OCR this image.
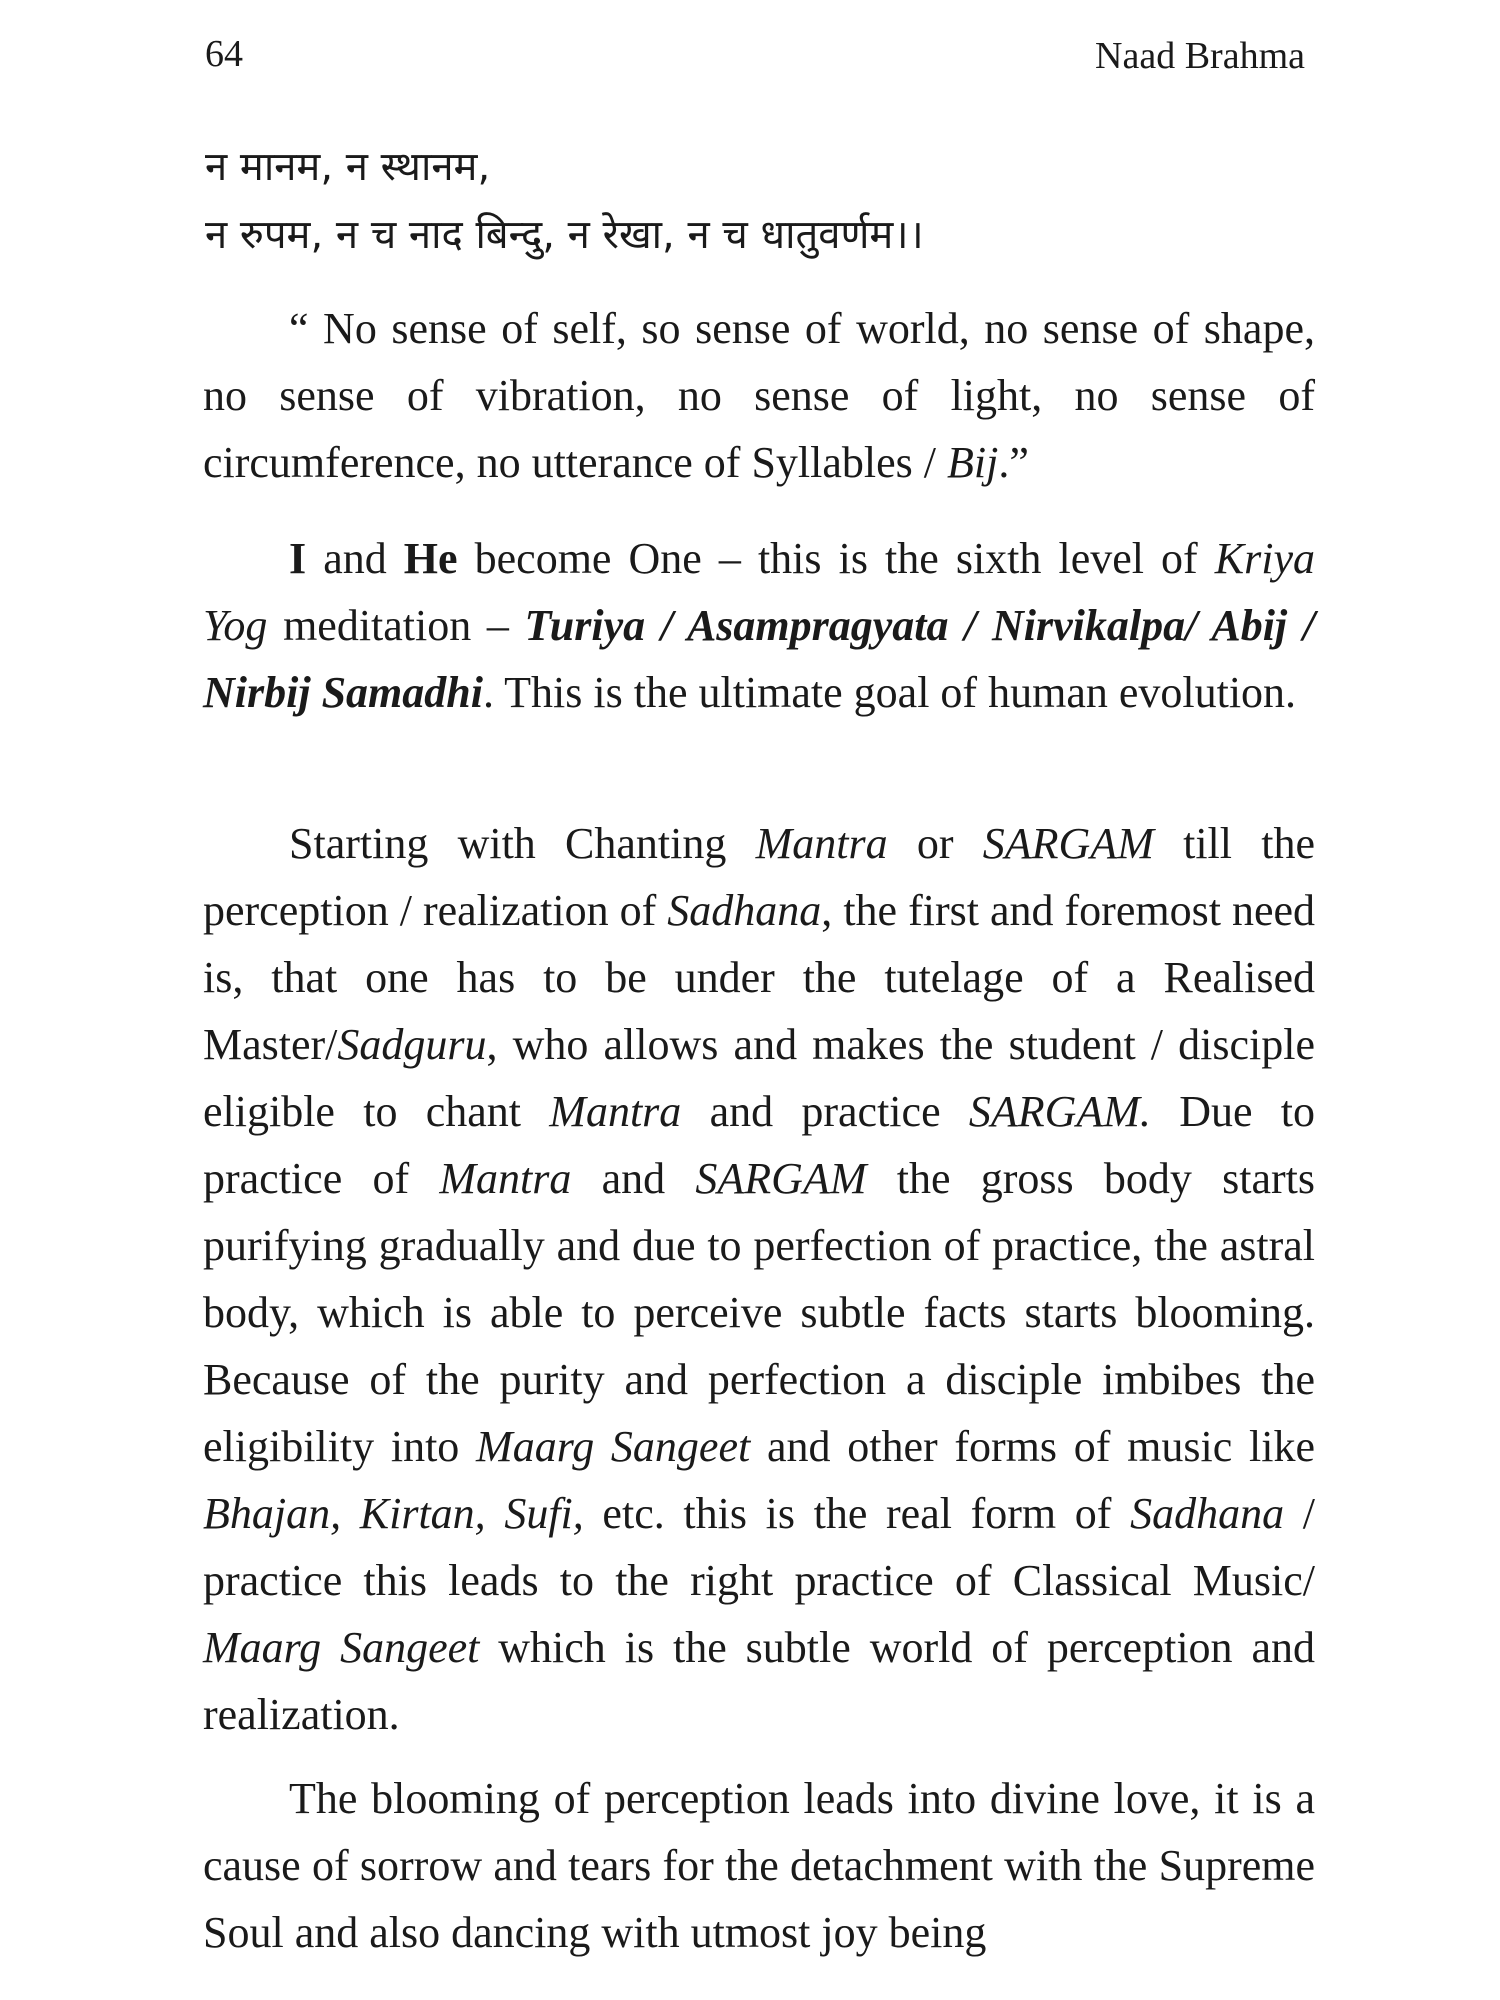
64	Naad Brahma
न मानम, न स्थानम,
न रुपम, न च नाद बिन्दु, न रेखा, न च धातुवर्णम।।

“ No sense of self, so sense of world, no sense of shape, no sense of vibration, no sense of light, no sense of circumference, no utterance of Syllables / Bij.”

I and He become One – this is the sixth level of Kriya Yog meditation – Turiya / Asampragyata / Nirvikalpa/ Abij / Nirbij Samadhi. This is the ultimate goal of human evolution.

Starting with Chanting Mantra or SARGAM till the perception / realization of Sadhana, the first and foremost need is, that one has to be under the tutelage of a Realised Master/Sadguru, who allows and makes the student / disciple eligible to chant Mantra and practice SARGAM. Due to practice of Mantra and SARGAM the gross body starts purifying gradually and due to perfection of practice, the astral body, which is able to perceive subtle facts starts blooming. Because of the purity and perfection a disciple imbibes the eligibility into Maarg Sangeet and other forms of music like Bhajan, Kirtan, Sufi, etc. this is the real form of Sadhana / practice this leads to the right practice of Classical Music/ Maarg Sangeet which is the subtle world of perception and realization.

The blooming of perception leads into divine love, it is a cause of sorrow and tears for the detachment with the Supreme Soul and also dancing with utmost joy being
